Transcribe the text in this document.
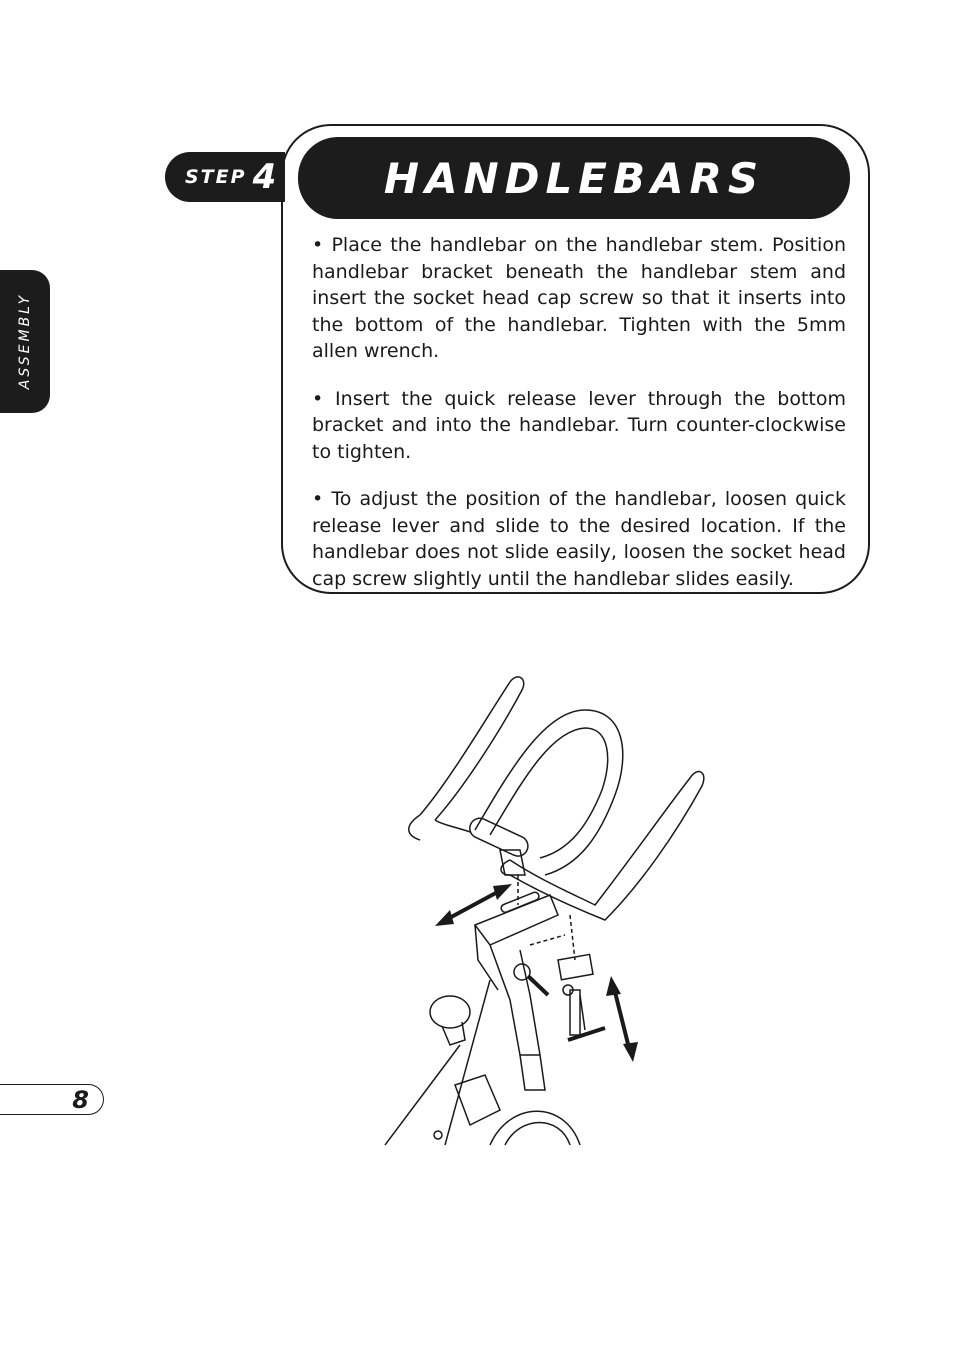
ASSEMBLY
STEP 4	HANDLEBARS

• Place the handlebar on the handlebar stem. Position handlebar bracket beneath the handlebar stem and insert the socket head cap screw so that it inserts into the bottom of the handlebar. Tighten with the 5mm allen wrench.

• Insert the quick release lever through the bottom bracket and into the handlebar. Turn counter-clockwise to tighten.

• To adjust the position of the handlebar, loosen quick release lever and slide to the desired location. If the handlebar does not slide easily, loosen the socket head cap screw slightly until the handlebar slides easily.

8
